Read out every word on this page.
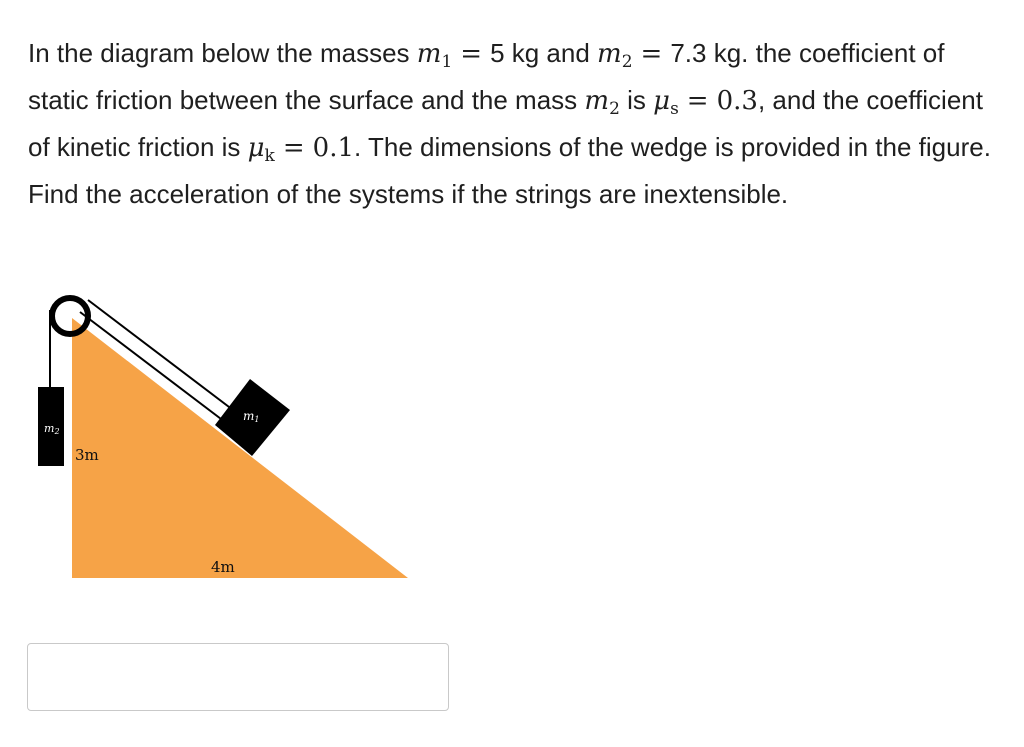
In the diagram below the masses $m_1 = 5$ kg and $m_2 = 7.3$ kg. the coefficient of static friction between the surface and the mass $m_2$ is $\mu_s = 0.3$, and the coefficient of kinetic friction is $\mu_k = 0.1$. The dimensions of the wedge is provided in the figure. Find the acceleration of the systems if the strings are inextensible.

m2
m1
3m
4m
